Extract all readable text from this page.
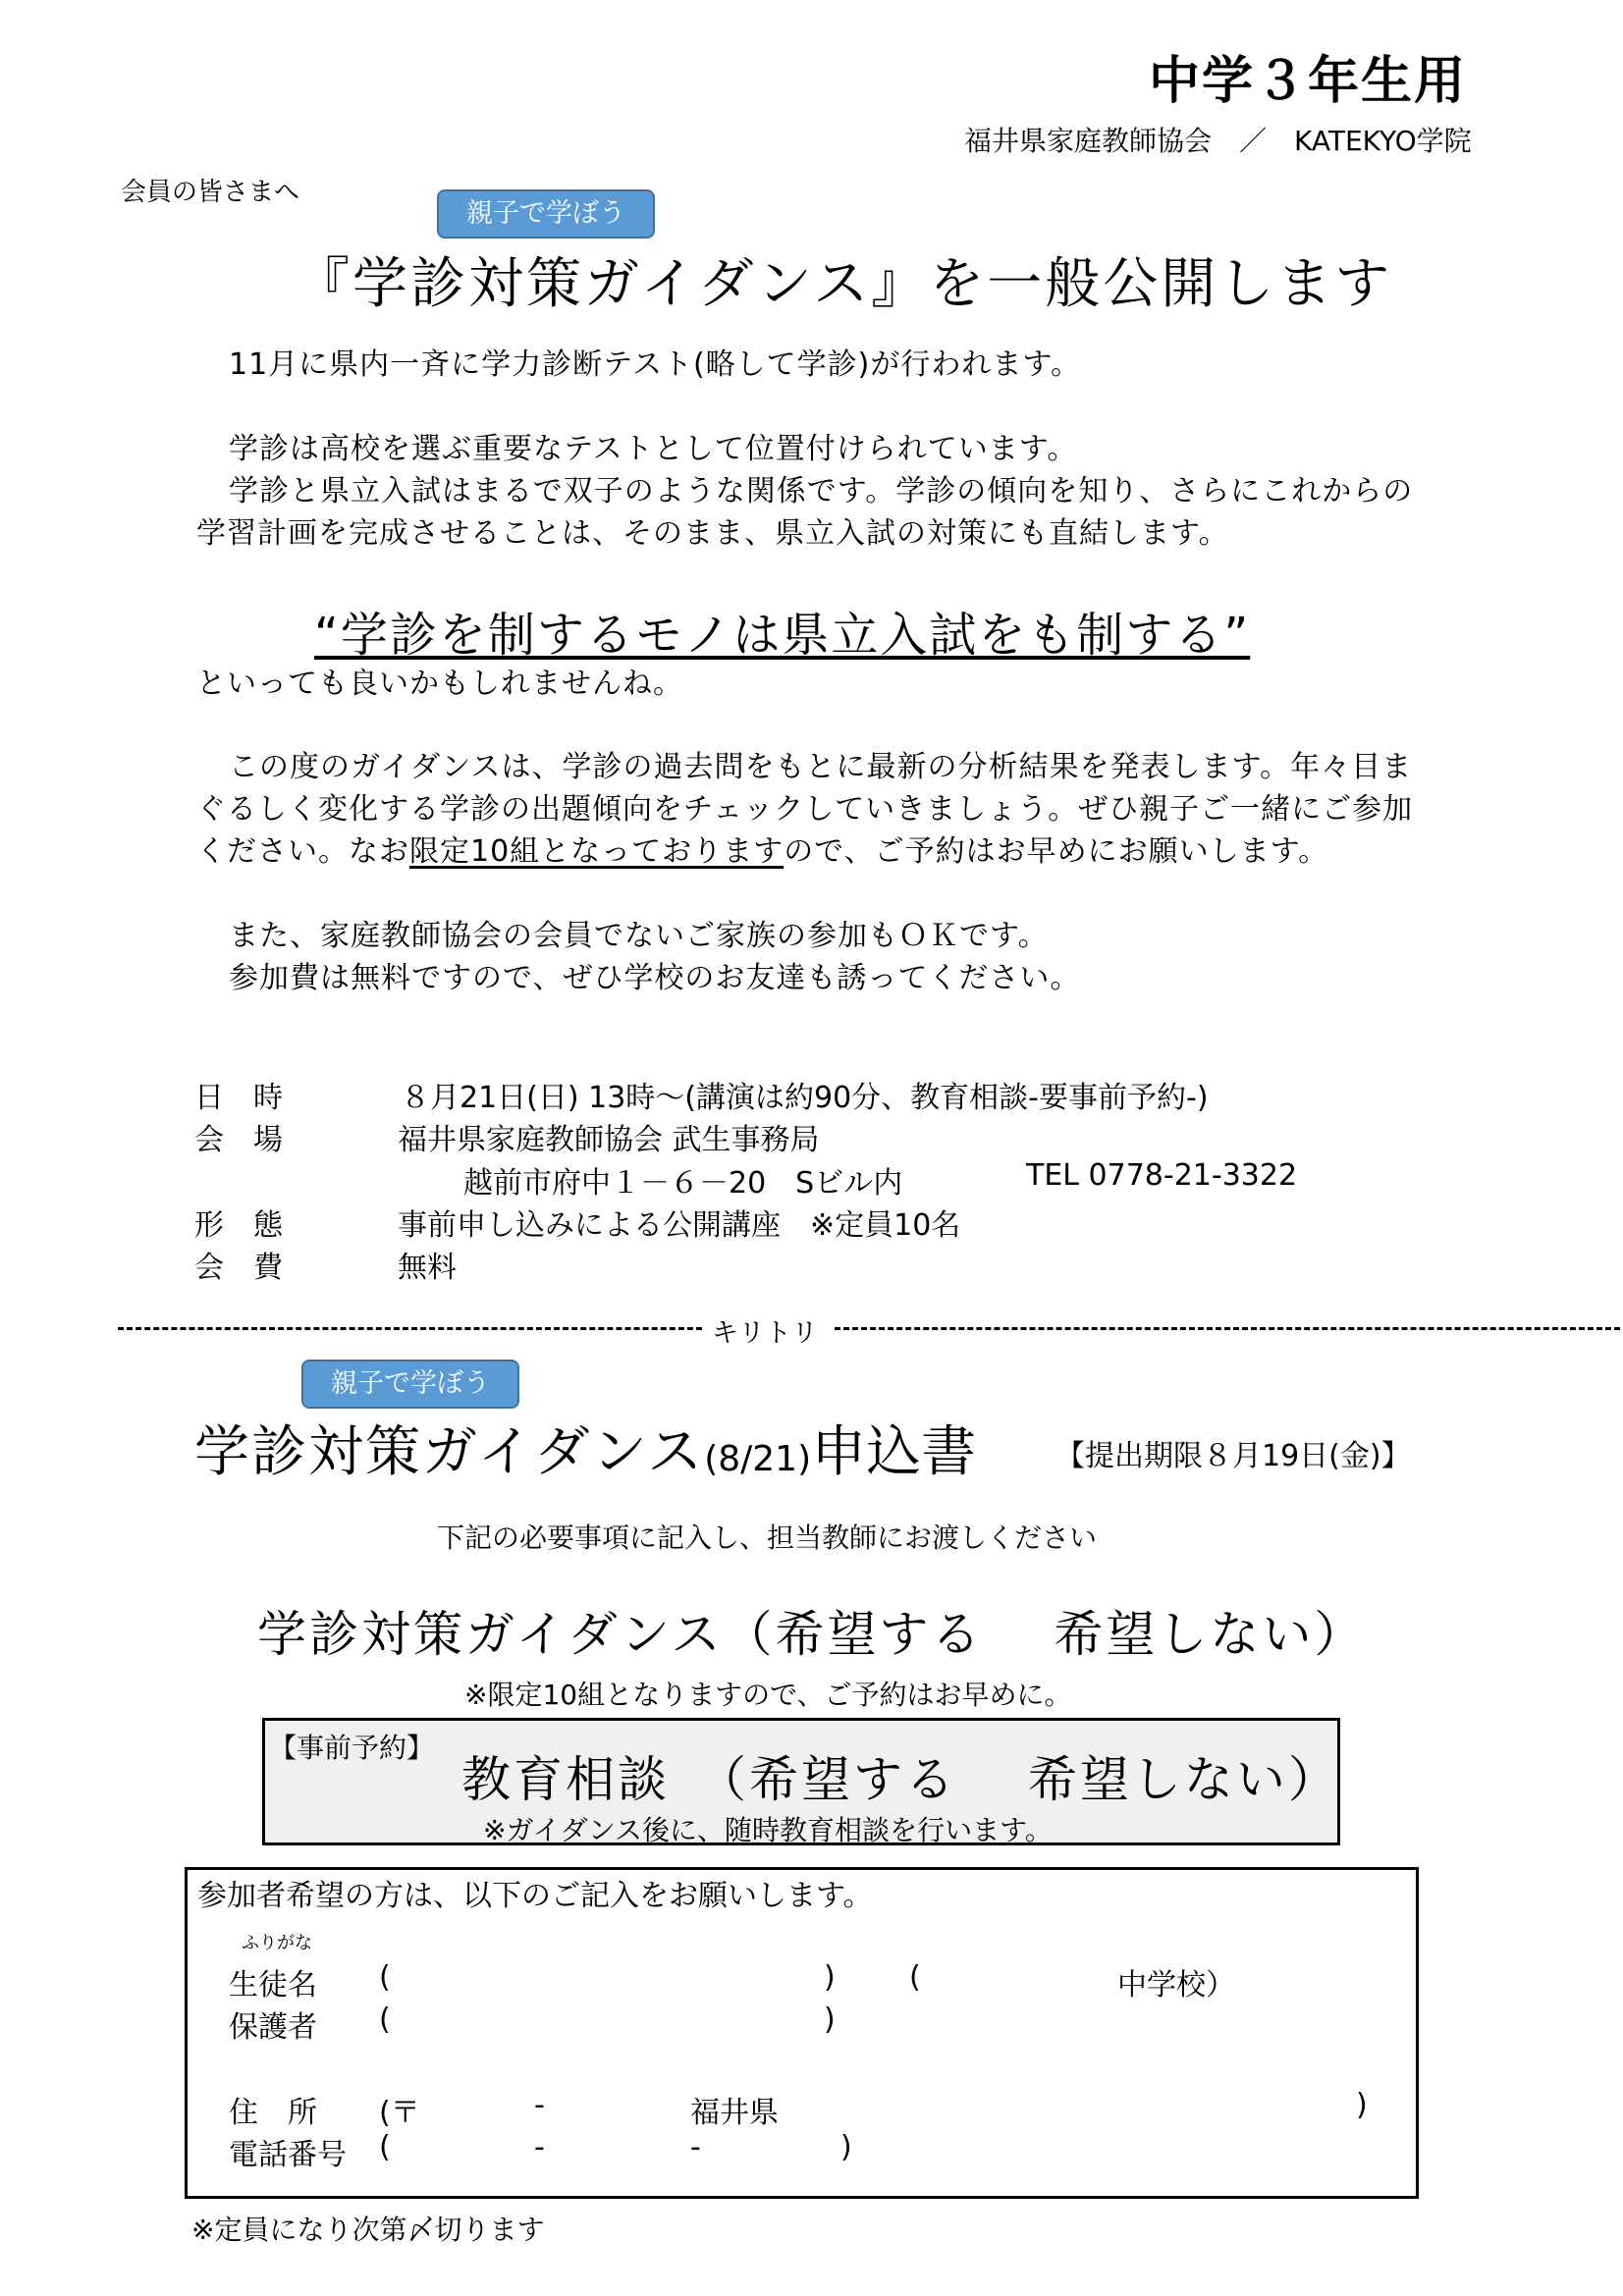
中学３年生用
福井県家庭教師協会　／　KATEKYO学院
会員の皆さまへ
親子で学ぼう
『学診対策ガイダンス』を一般公開します
11月に県内一斉に学力診断テスト(略して学診)が行われます。
学診は高校を選ぶ重要なテストとして位置付けられています。
学診と県立入試はまるで双子のような関係です。学診の傾向を知り、さらにこれからの学習計画を完成させることは、そのまま、県立入試の対策にも直結します。
“学診を制するモノは県立入試をも制する”
といっても良いかもしれませんね。
この度のガイダンスは、学診の過去問をもとに最新の分析結果を発表します。年々目まぐるしく変化する学診の出題傾向をチェックしていきましょう。ぜひ親子ご一緒にご参加ください。なお限定10組となっておりますので、ご予約はお早めにお願いします。
また、家庭教師協会の会員でないご家族の参加もＯＫです。
参加費は無料ですので、ぜひ学校のお友達も誘ってください。
日　時	８月21日(日) 13時～(講演は約90分、教育相談-要事前予約-)
会　場	福井県家庭教師協会 武生事務局
越前市府中１－６－20　Sビル内	TEL 0778-21-3322
形　態	事前申し込みによる公開講座　※定員10名
会　費	無料
キリトリ
親子で学ぼう
学診対策ガイダンス(8/21)申込書	【提出期限８月19日(金)】
下記の必要事項に記入し、担当教師にお渡しください
学診対策ガイダンス（希望する　 希望しない）
※限定10組となりますので、ご予約はお早めに。
【事前予約】
教育相談　（希望する　 希望しない）
※ガイダンス後に、随時教育相談を行います。
参加者希望の方は、以下のご記入をお願いします。
ふりがな
生徒名 (	)	(	中学校）
保護者 (	)
住　所 (〒	-	福井県	)
電話番号 (	-	-	)
※定員になり次第〆切ります
